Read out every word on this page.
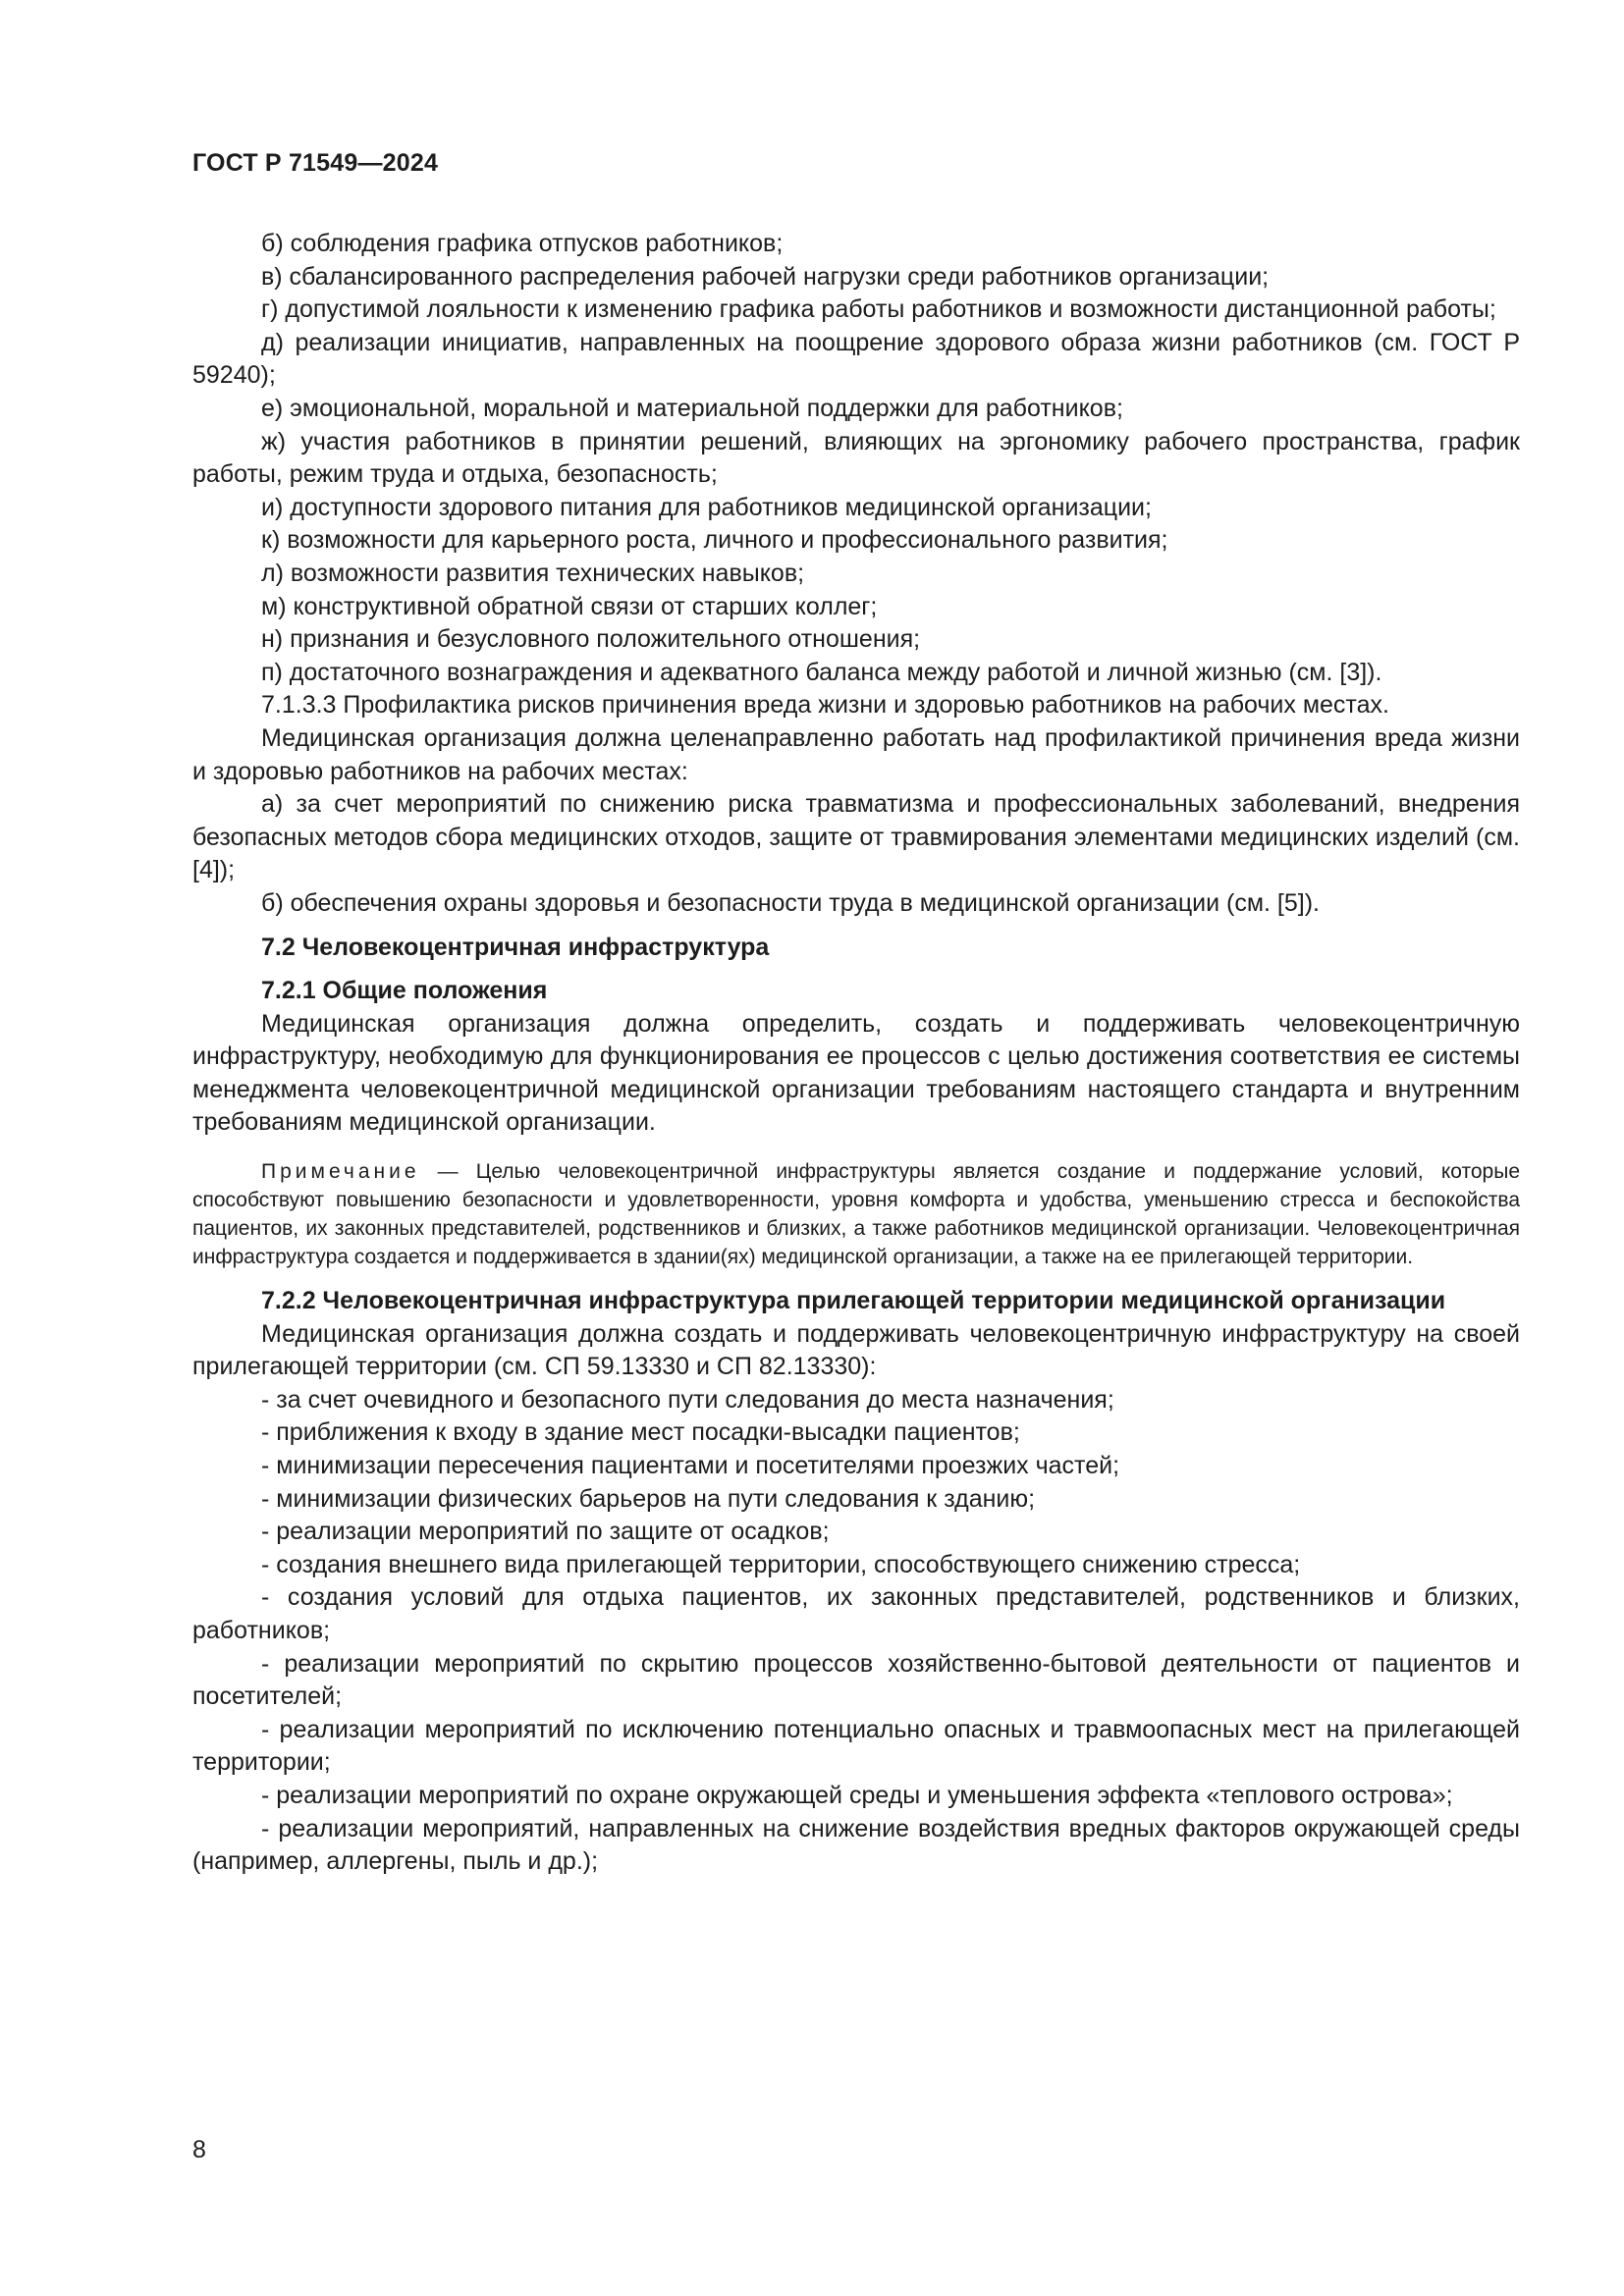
ГОСТ Р 71549—2024

б) соблюдения графика отпусков работников;

в) сбалансированного распределения рабочей нагрузки среди работников организации;

г) допустимой лояльности к изменению графика работы работников и возможности дистанционной работы;

д) реализации инициатив, направленных на поощрение здорового образа жизни работников (см. ГОСТ Р 59240);

е) эмоциональной, моральной и материальной поддержки для работников;

ж) участия работников в принятии решений, влияющих на эргономику рабочего пространства, график работы, режим труда и отдыха, безопасность;

и) доступности здорового питания для работников медицинской организации;

к) возможности для карьерного роста, личного и профессионального развития;

л) возможности развития технических навыков;

м) конструктивной обратной связи от старших коллег;

н) признания и безусловного положительного отношения;

п) достаточного вознаграждения и адекватного баланса между работой и личной жизнью (см. [3]).

7.1.3.3 Профилактика рисков причинения вреда жизни и здоровью работников на рабочих местах.

Медицинская организация должна целенаправленно работать над профилактикой причинения вреда жизни и здоровью работников на рабочих местах:

а) за счет мероприятий по снижению риска травматизма и профессиональных заболеваний, внедрения безопасных методов сбора медицинских отходов, защите от травмирования элементами медицинских изделий (см. [4]);

б) обеспечения охраны здоровья и безопасности труда в медицинской организации (см. [5]).

7.2 Человекоцентричная инфраструктура

7.2.1 Общие положения

Медицинская организация должна определить, создать и поддерживать человекоцентричную инфраструктуру, необходимую для функционирования ее процессов с целью достижения соответствия ее системы менеджмента человекоцентричной медицинской организации требованиям настоящего стандарта и внутренним требованиям медицинской организации.

Примечание — Целью человекоцентричной инфраструктуры является создание и поддержание условий, которые способствуют повышению безопасности и удовлетворенности, уровня комфорта и удобства, уменьшению стресса и беспокойства пациентов, их законных представителей, родственников и близких, а также работников медицинской организации. Человекоцентричная инфраструктура создается и поддерживается в здании(ях) медицинской организации, а также на ее прилегающей территории.

7.2.2 Человекоцентричная инфраструктура прилегающей территории медицинской организации

Медицинская организация должна создать и поддерживать человекоцентричную инфраструктуру на своей прилегающей территории (см. СП 59.13330 и СП 82.13330):

- за счет очевидного и безопасного пути следования до места назначения;

- приближения к входу в здание мест посадки-высадки пациентов;

- минимизации пересечения пациентами и посетителями проезжих частей;

- минимизации физических барьеров на пути следования к зданию;

- реализации мероприятий по защите от осадков;

- создания внешнего вида прилегающей территории, способствующего снижению стресса;

- создания условий для отдыха пациентов, их законных представителей, родственников и близких, работников;

- реализации мероприятий по скрытию процессов хозяйственно-бытовой деятельности от пациентов и посетителей;

- реализации мероприятий по исключению потенциально опасных и травмоопасных мест на прилегающей территории;

- реализации мероприятий по охране окружающей среды и уменьшения эффекта «теплового острова»;

- реализации мероприятий, направленных на снижение воздействия вредных факторов окружающей среды (например, аллергены, пыль и др.);

8
